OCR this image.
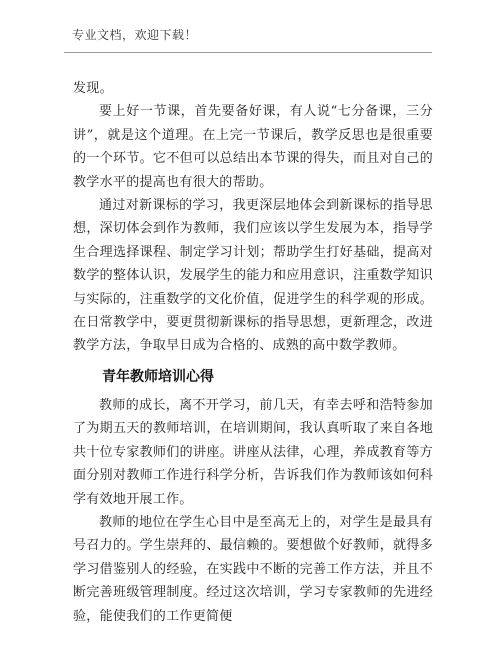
专业文档，欢迎下载！

发现。

要上好一节课，首先要备好课，有人说“七分备课，三分讲”，就是这个道理。在上完一节课后，教学反思也是很重要的一个环节。它不但可以总结出本节课的得失，而且对自己的教学水平的提高也有很大的帮助。

通过对新课标的学习，我更深层地体会到新课标的指导思想，深切体会到作为教师，我们应该以学生发展为本，指导学生合理选择课程、制定学习计划；帮助学生打好基础，提高对数学的整体认识，发展学生的能力和应用意识，注重数学知识与实际的，注重数学的文化价值，促进学生的科学观的形成。在日常教学中，要更贯彻新课标的指导思想，更新理念，改进教学方法，争取早日成为合格的、成熟的高中数学教师。

青年教师培训心得

教师的成长，离不开学习，前几天，有幸去呼和浩特参加了为期五天的教师培训，在培训期间，我认真听取了来自各地共十位专家教师们的讲座。讲座从法律，心理，养成教育等方面分别对教师工作进行科学分析，告诉我们作为教师该如何科学有效地开展工作。

教师的地位在学生心目中是至高无上的，对学生是最具有号召力的。学生崇拜的、最信赖的。要想做个好教师，就得多学习借鉴别人的经验，在实践中不断的完善工作方法，并且不断完善班级管理制度。经过这次培训，学习专家教师的先进经验，能使我们的工作更简便
